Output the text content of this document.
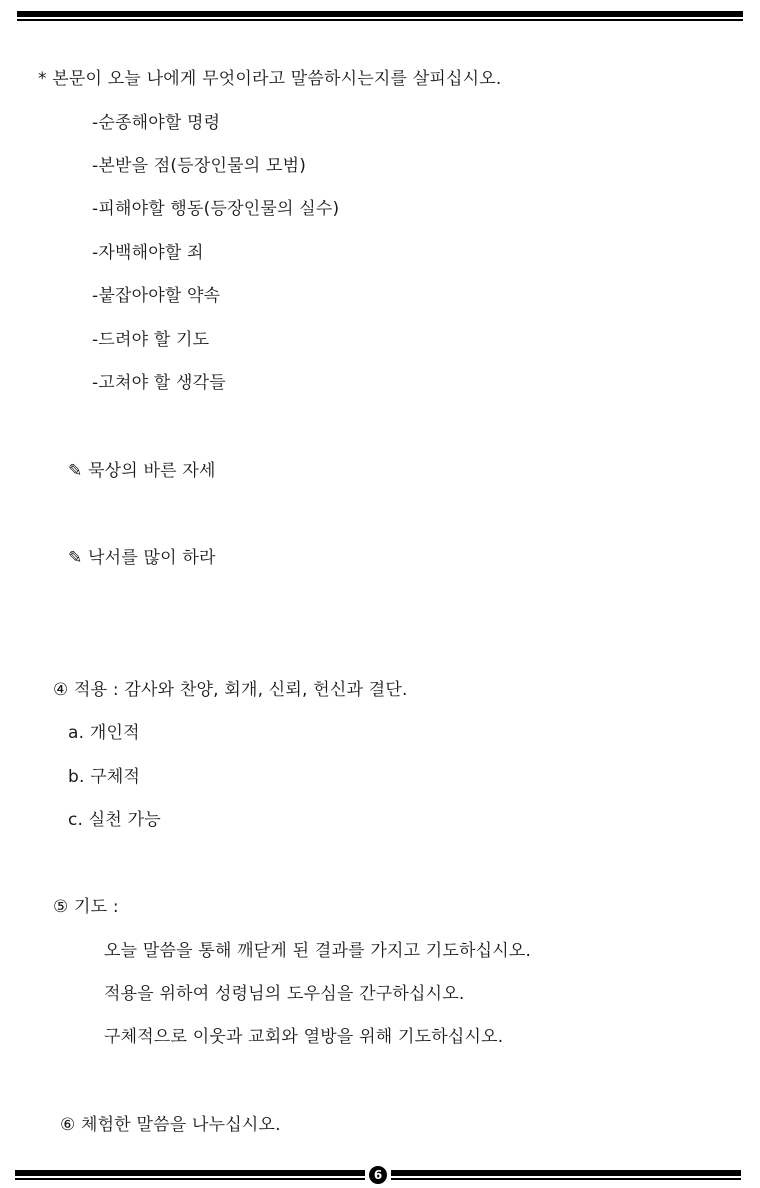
* 본문이 오늘 나에게 무엇이라고 말씀하시는지를 살피십시오.
-순종해야할 명령
-본받을 점(등장인물의 모범)
-피해야할 행동(등장인물의 실수)
-자백해야할 죄
-붙잡아야할 약속
-드려야 할 기도
-고쳐야 할 생각들
✎ 묵상의 바른 자세
✎ 낙서를 많이 하라
④ 적용 : 감사와 찬양, 회개, 신뢰, 헌신과 결단.
a. 개인적
b. 구체적
c. 실천 가능
⑤ 기도 :
오늘 말씀을 통해 깨닫게 된 결과를 가지고 기도하십시오.
적용을 위하여 성령님의 도우심을 간구하십시오.
구체적으로 이웃과 교회와 열방을 위해 기도하십시오.
⑥ 체험한 말씀을 나누십시오.
6
